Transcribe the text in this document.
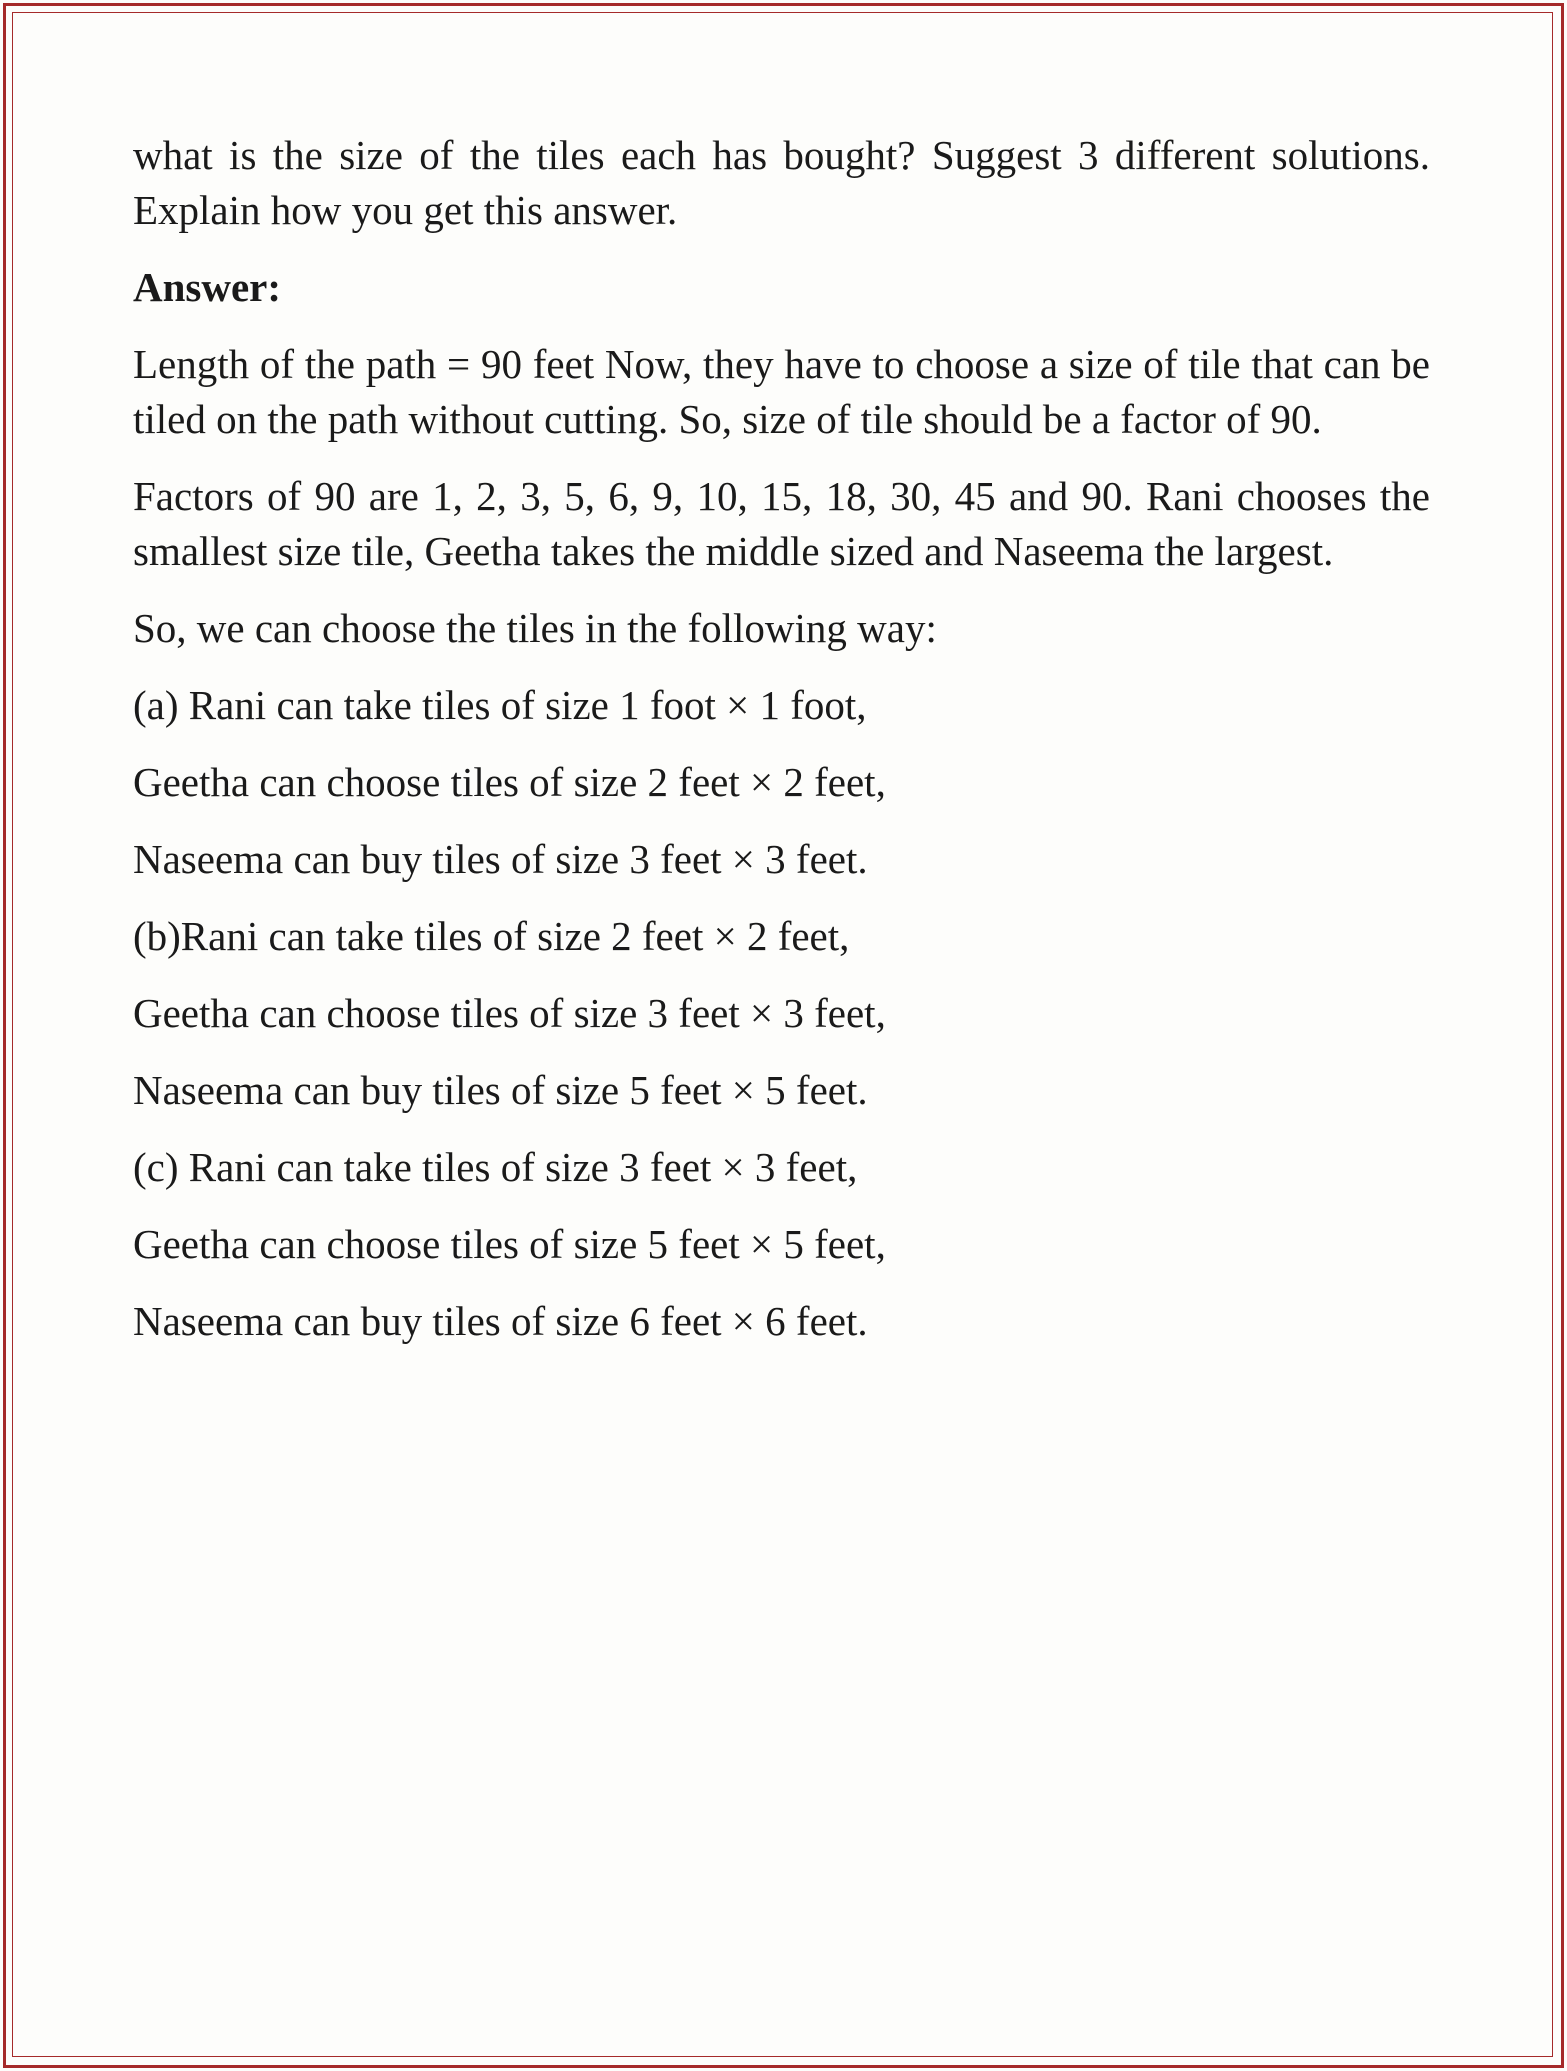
what is the size of the tiles each has bought? Suggest 3 different solutions. Explain how you get this answer.

Answer:

Length of the path = 90 feet Now, they have to choose a size of tile that can be tiled on the path without cutting. So, size of tile should be a factor of 90.

Factors of 90 are 1, 2, 3, 5, 6, 9, 10, 15, 18, 30, 45 and 90. Rani chooses the smallest size tile, Geetha takes the middle sized and Naseema the largest.

So, we can choose the tiles in the following way:

(a) Rani can take tiles of size 1 foot × 1 foot,

Geetha can choose tiles of size 2 feet × 2 feet,

Naseema can buy tiles of size 3 feet × 3 feet.

(b)Rani can take tiles of size 2 feet × 2 feet,

Geetha can choose tiles of size 3 feet × 3 feet,

Naseema can buy tiles of size 5 feet × 5 feet.

(c) Rani can take tiles of size 3 feet × 3 feet,

Geetha can choose tiles of size 5 feet × 5 feet,

Naseema can buy tiles of size 6 feet × 6 feet.
